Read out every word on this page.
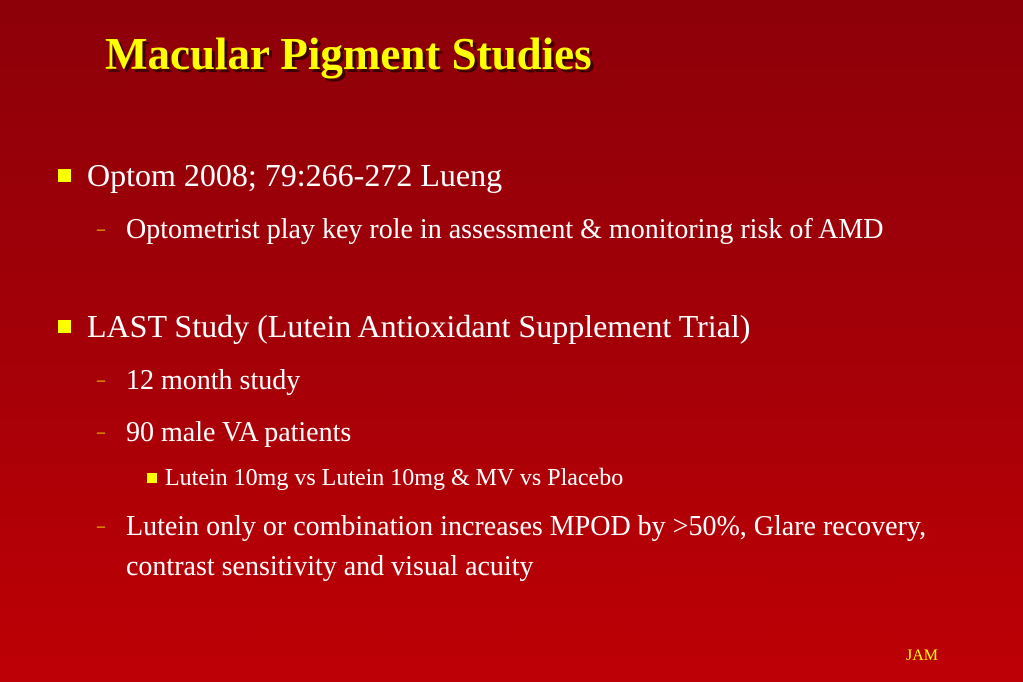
Macular Pigment Studies
Optom 2008; 79:266-272 Lueng
– Optometrist play key role in assessment & monitoring risk of AMD
LAST Study (Lutein Antioxidant Supplement Trial)
– 12 month study
– 90 male VA patients
Lutein 10mg vs Lutein 10mg & MV vs Placebo
– Lutein only or combination increases MPOD by >50%, Glare recovery, contrast sensitivity and visual acuity
JAM
